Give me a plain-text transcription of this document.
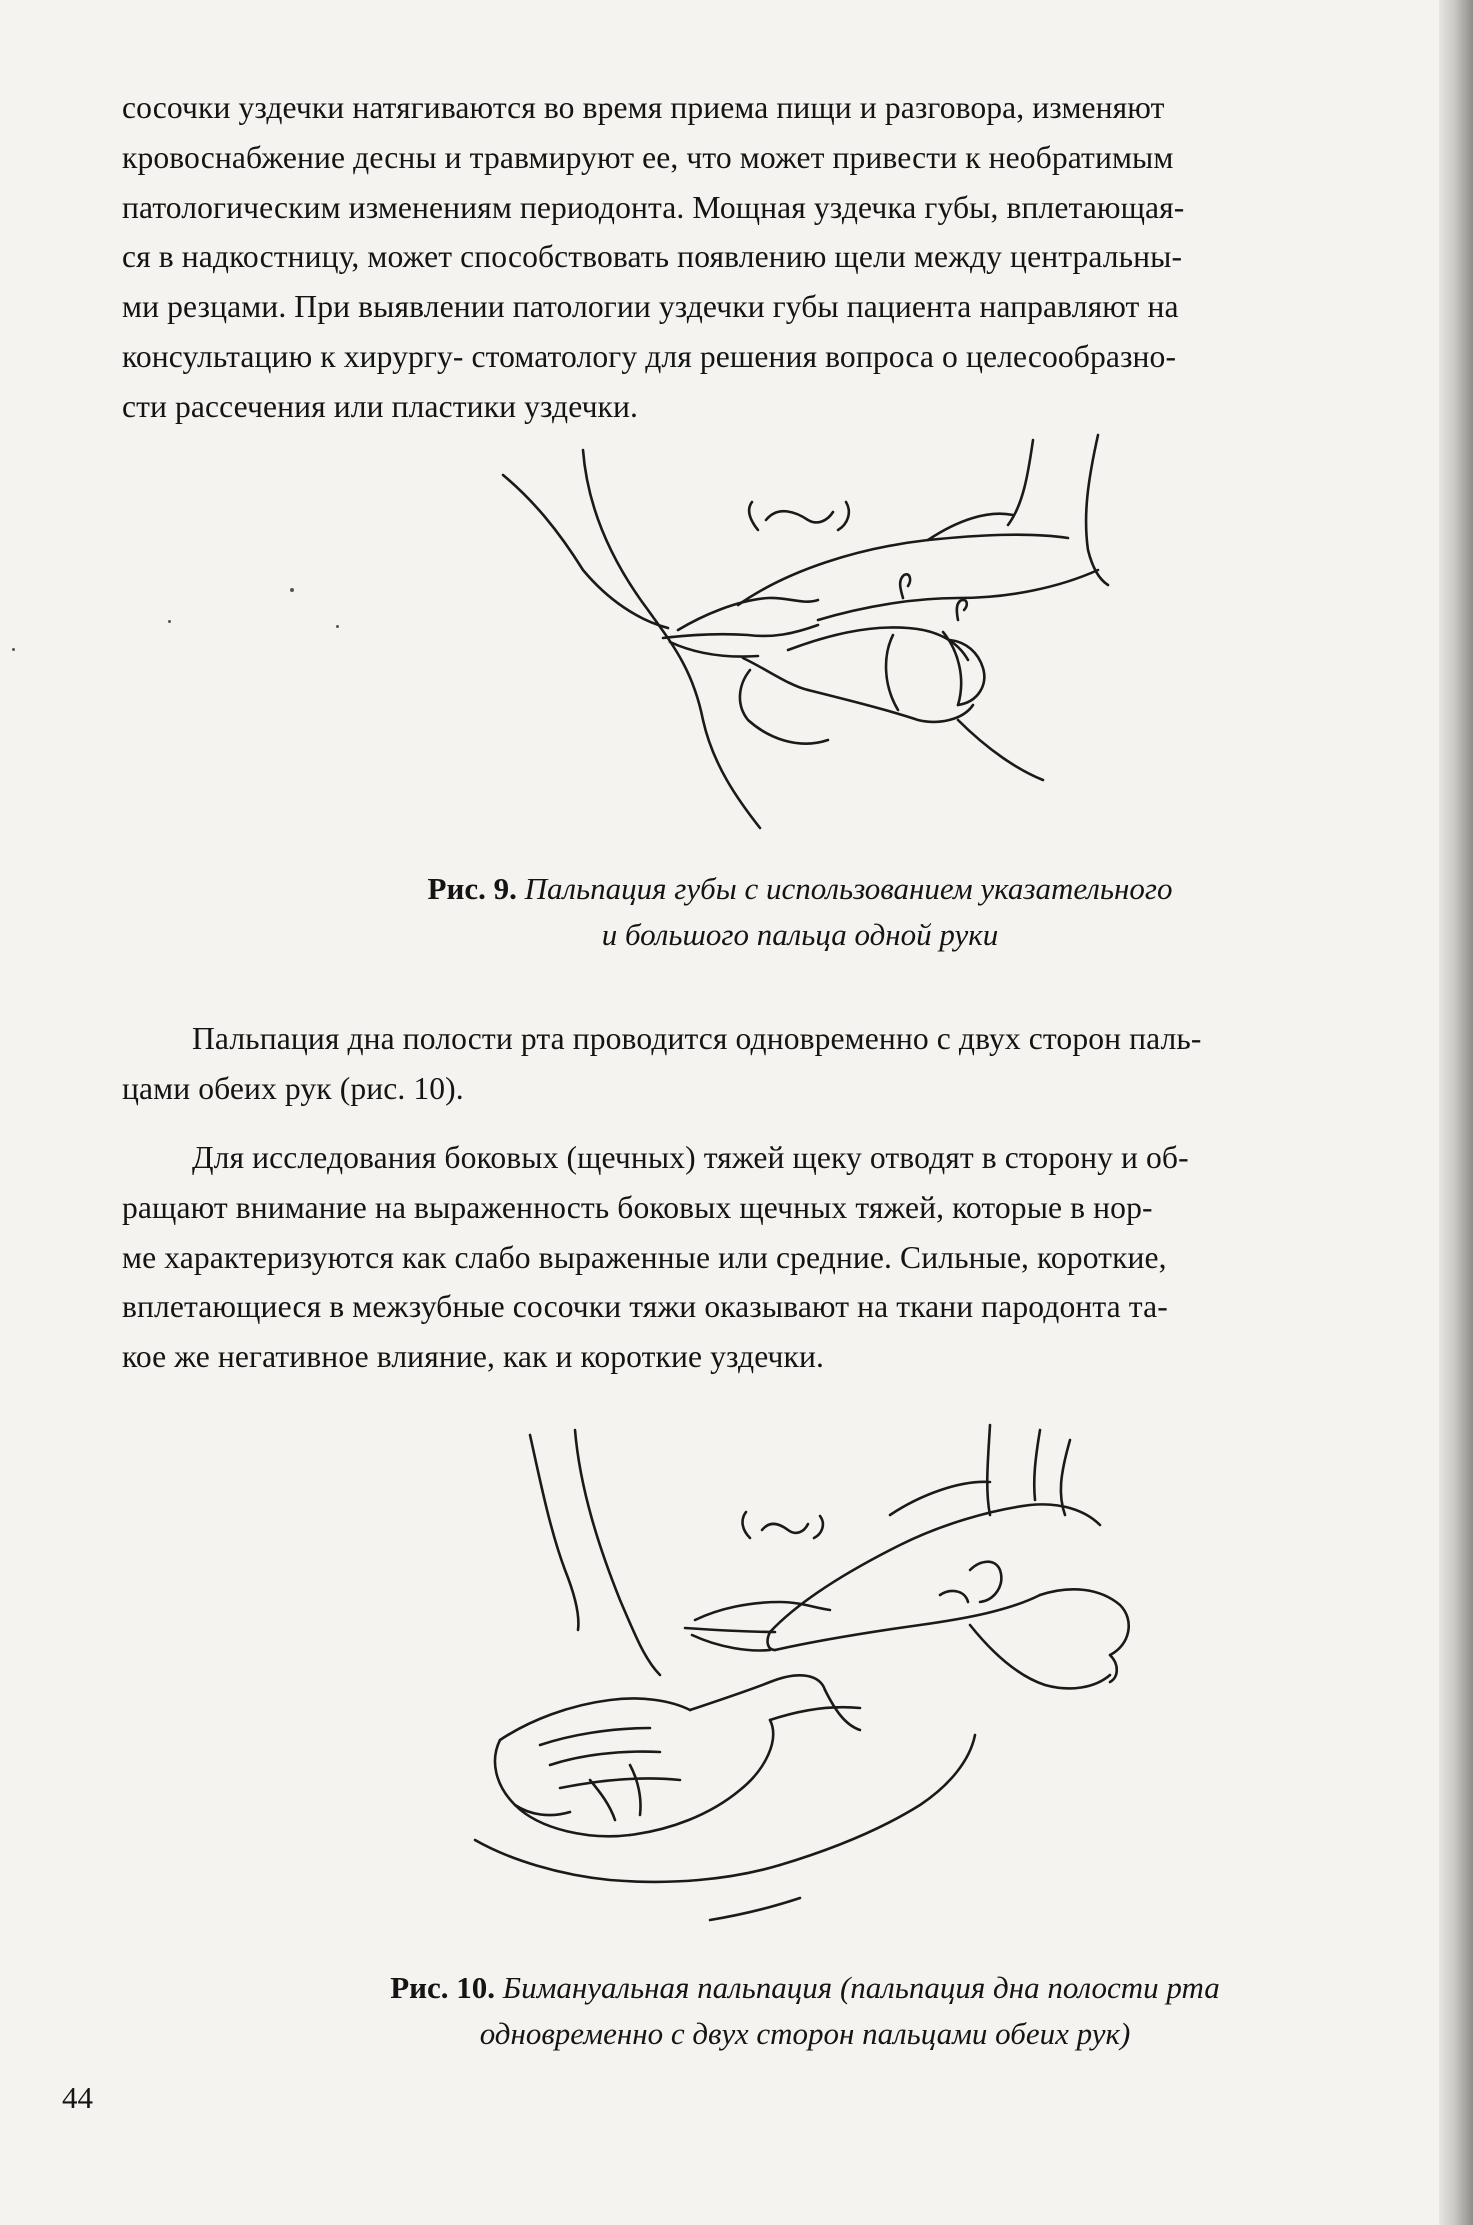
сосочки уздечки натягиваются во время приема пищи и разговора, изменяют
кровоснабжение десны и травмируют ее, что может привести к необратимым
патологическим изменениям периодонта. Мощная уздечка губы, вплетающая-
ся в надкостницу, может способствовать появлению щели между центральны-
ми резцами. При выявлении патологии уздечки губы пациента направляют на
консультацию к хирургу- стоматологу для решения вопроса о целесообразно-
сти рассечения или пластики уздечки.

Рис. 9. Пальпация губы с использованием указательного
и большого пальца одной руки

Пальпация дна полости рта проводится одновременно с двух сторон паль-
цами обеих рук (рис. 10).

Для исследования боковых (щечных) тяжей щеку отводят в сторону и об-
ращают внимание на выраженность боковых щечных тяжей, которые в нор-
ме характеризуются как слабо выраженные или средние. Сильные, короткие,
вплетающиеся в межзубные сосочки тяжи оказывают на ткани пародонта та-
кое же негативное влияние, как и короткие уздечки.

Рис. 10. Бимануальная пальпация (пальпация дна полости рта
одновременно с двух сторон пальцами обеих рук)
44
